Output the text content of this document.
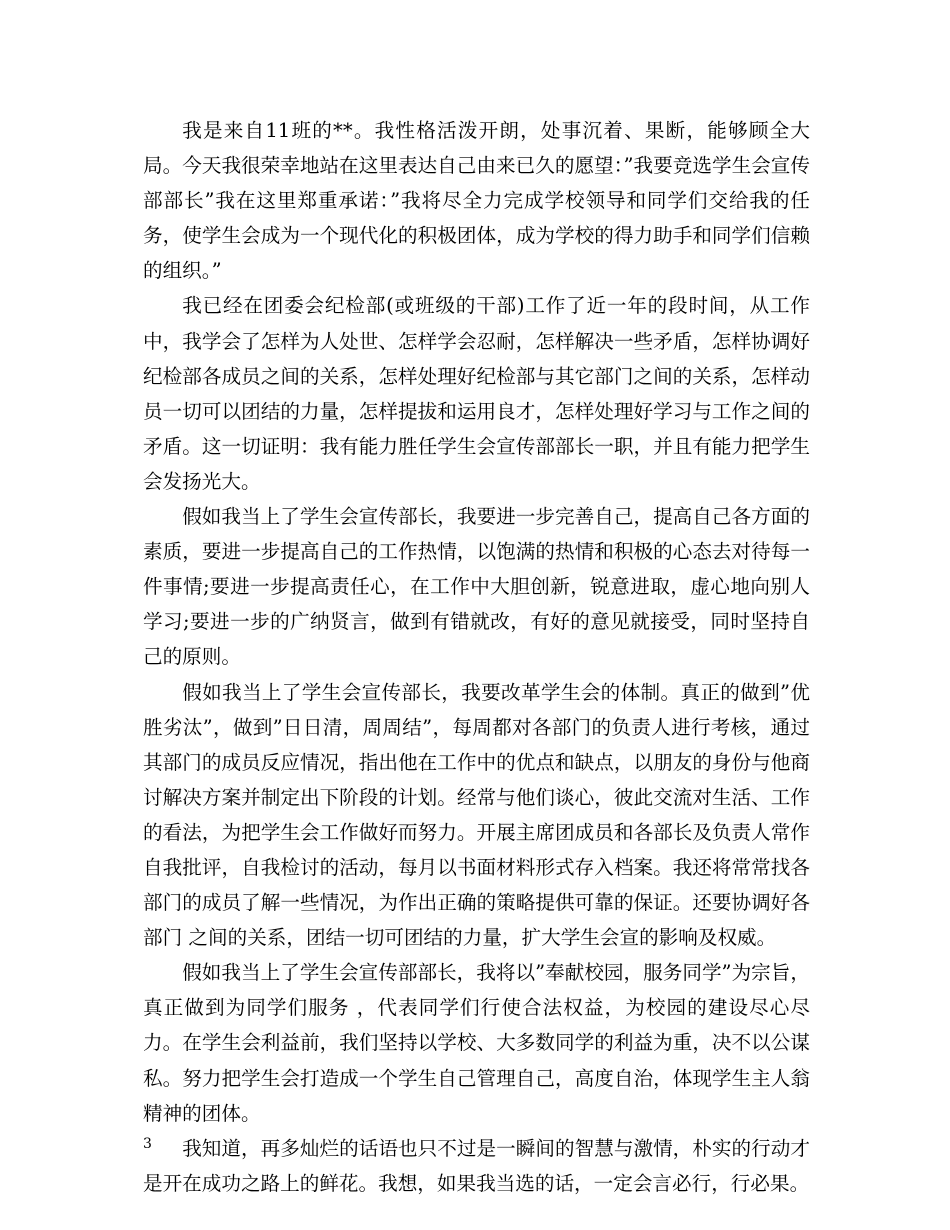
我是来自11班的**。我性格活泼开朗，处事沉着、果断，能够顾全大局。今天我很荣幸地站在这里表达自己由来已久的愿望：”我要竞选学生会宣传部部长”我在这里郑重承诺：”我将尽全力完成学校领导和同学们交给我的任务，使学生会成为一个现代化的积极团体，成为学校的得力助手和同学们信赖的组织。”

我已经在团委会纪检部(或班级的干部)工作了近一年的段时间，从工作中，我学会了怎样为人处世、怎样学会忍耐，怎样解决一些矛盾，怎样协调好纪检部各成员之间的关系，怎样处理好纪检部与其它部门之间的关系，怎样动员一切可以团结的力量，怎样提拔和运用良才，怎样处理好学习与工作之间的矛盾。这一切证明：我有能力胜任学生会宣传部部长一职，并且有能力把学生会发扬光大。

假如我当上了学生会宣传部长，我要进一步完善自己，提高自己各方面的素质，要进一步提高自己的工作热情，以饱满的热情和积极的心态去对待每一件事情;要进一步提高责任心，在工作中大胆创新，锐意进取，虚心地向别人学习;要进一步的广纳贤言，做到有错就改，有好的意见就接受，同时坚持自己的原则。

假如我当上了学生会宣传部长，我要改革学生会的体制。真正的做到”优胜劣汰”，做到”日日清，周周结”，每周都对各部门的负责人进行考核，通过其部门的成员反应情况，指出他在工作中的优点和缺点，以朋友的身份与他商讨解决方案并制定出下阶段的计划。经常与他们谈心，彼此交流对生活、工作的看法，为把学生会工作做好而努力。开展主席团成员和各部长及负责人常作自我批评，自我检讨的活动，每月以书面材料形式存入档案。我还将常常找各部门的成员了解一些情况，为作出正确的策略提供可靠的保证。还要协调好各部门 之间的关系，团结一切可团结的力量，扩大学生会宣的影响及权威。

假如我当上了学生会宣传部部长，我将以”奉献校园，服务同学”为宗旨，真正做到为同学们服务 ，代表同学们行使合法权益，为校园的建设尽心尽力。在学生会利益前，我们坚持以学校、大多数同学的利益为重，决不以公谋私。努力把学生会打造成一个学生自己管理自己，高度自治，体现学生主人翁精神的团体。

我知道，再多灿烂的话语也只不过是一瞬间的智慧与激情，朴实的行动才是开在成功之路上的鲜花。我想，如果我当选的话，一定会言必行，行必果。

3
